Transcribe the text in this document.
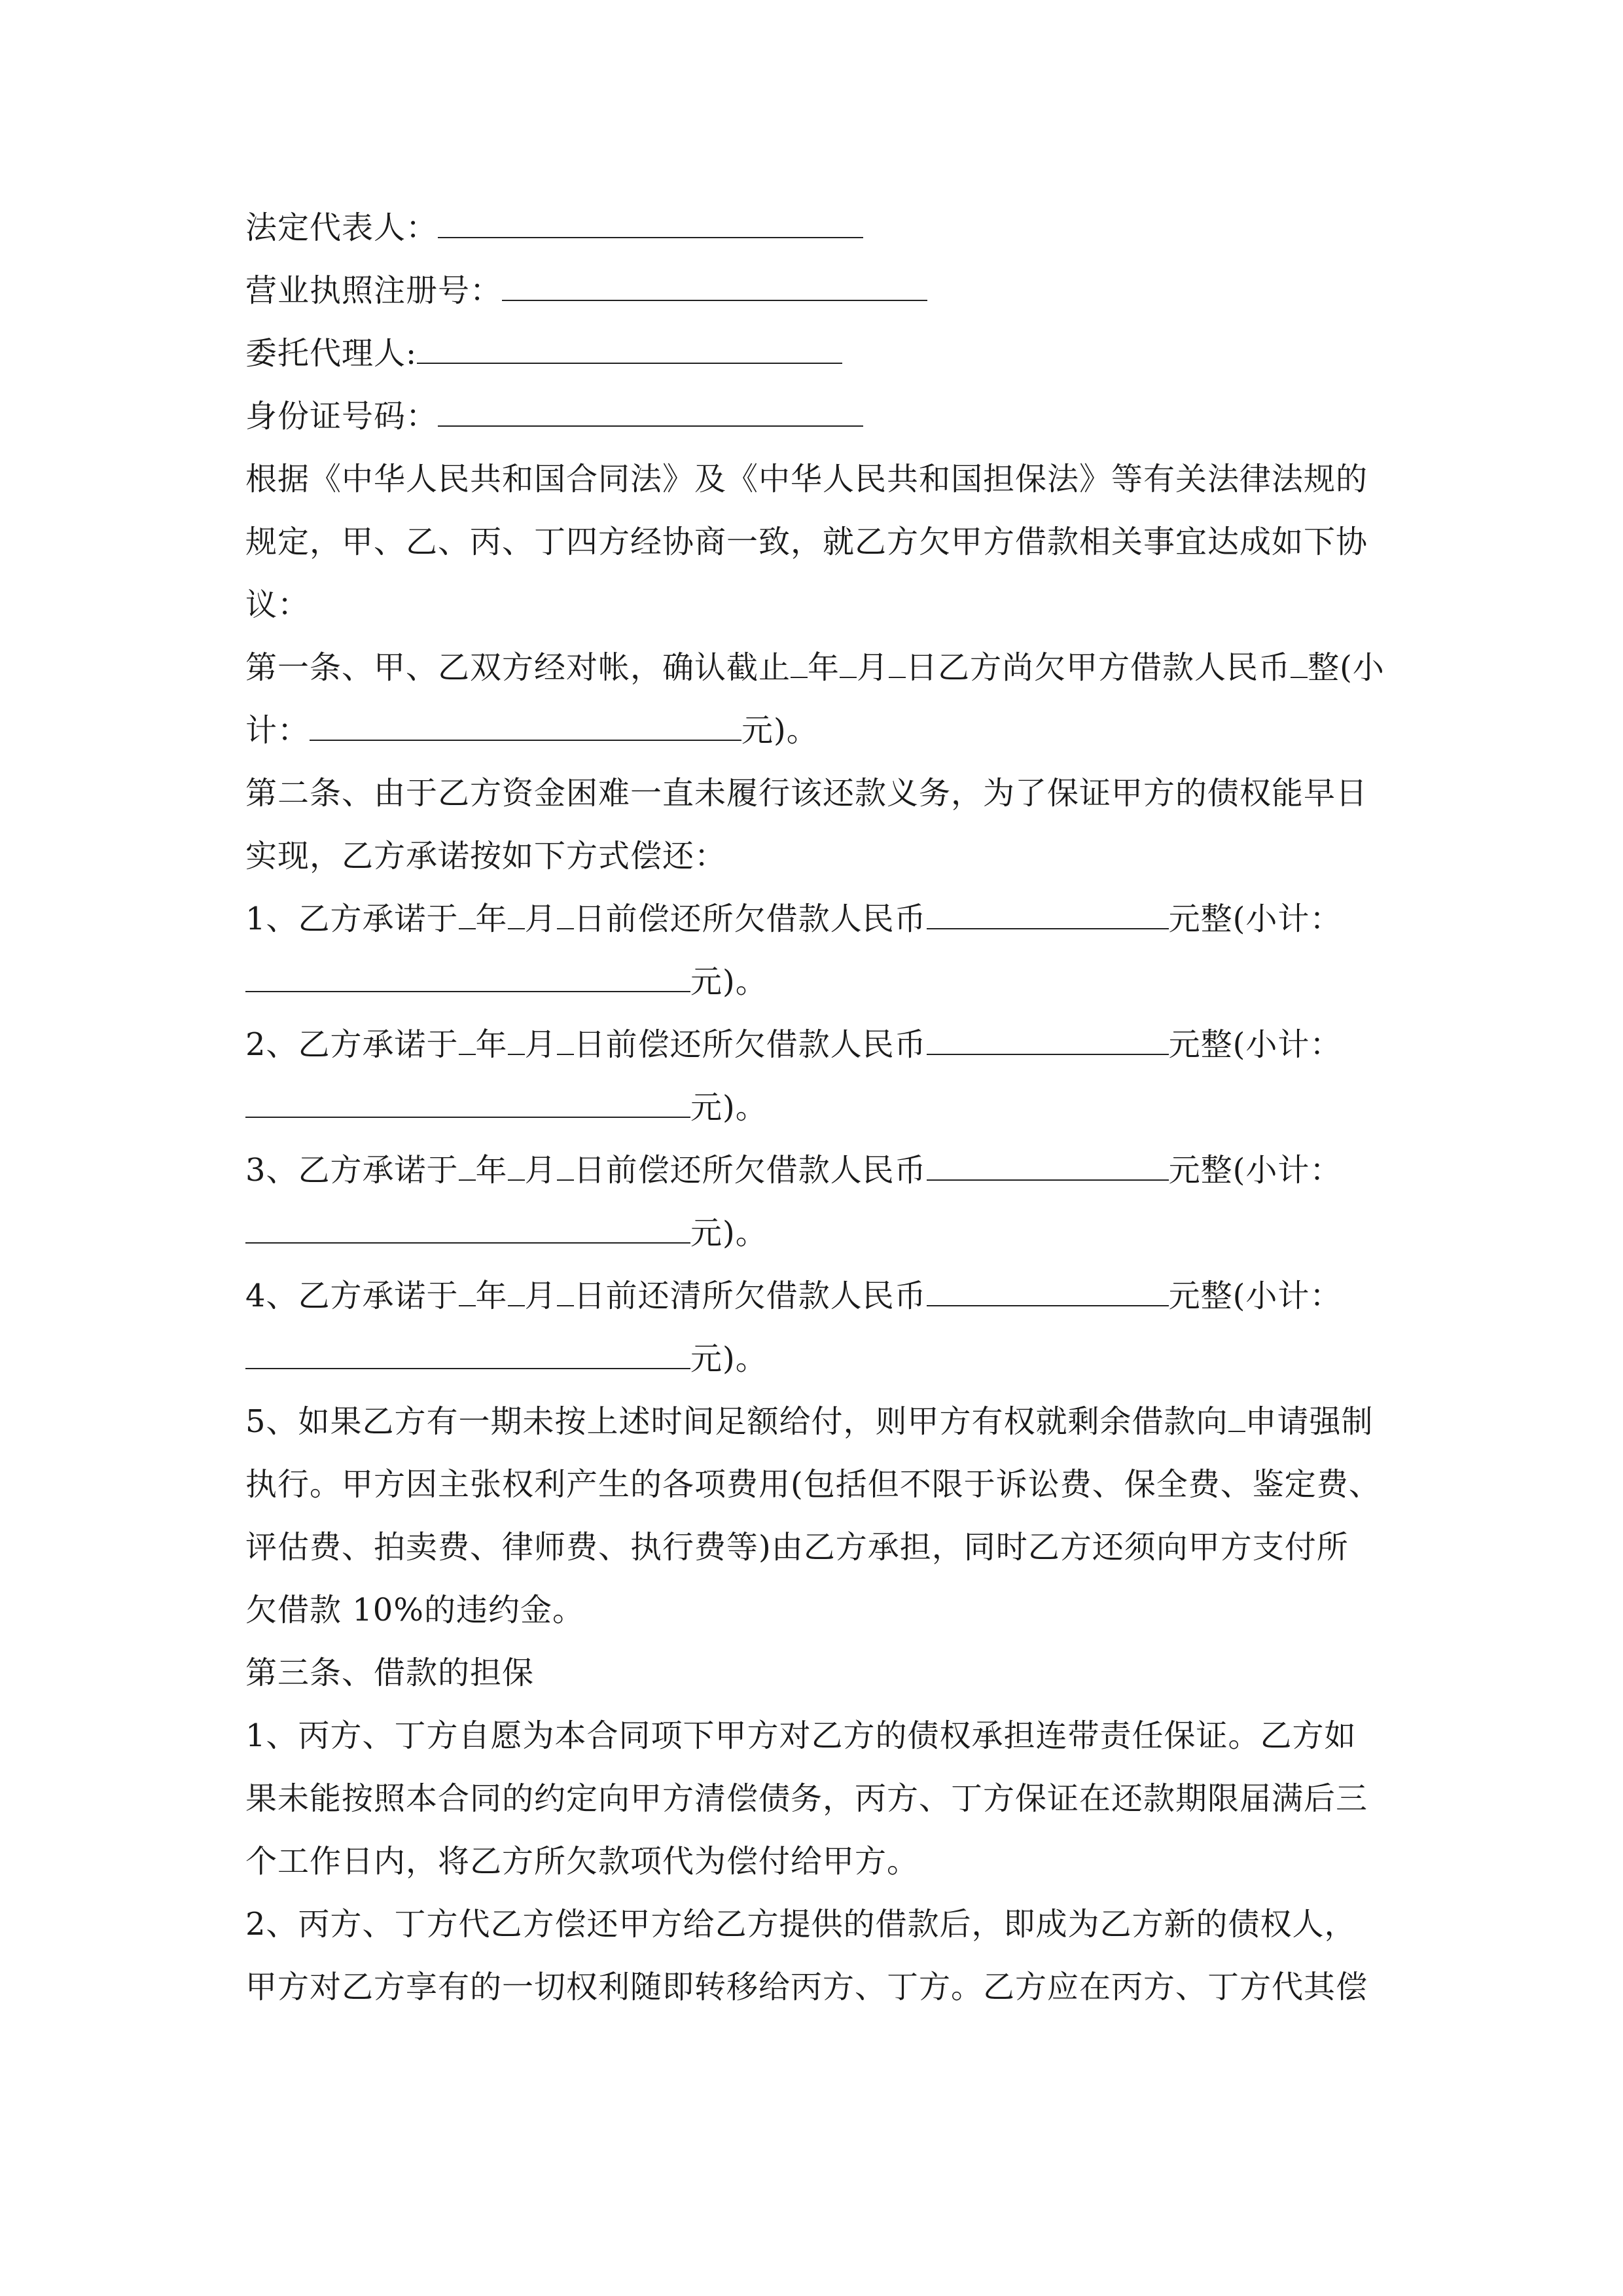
法定代表人：
营业执照注册号：
委托代理人:
身份证号码：
根据《中华人民共和国合同法》及《中华人民共和国担保法》等有关法律法规的
规定，甲、乙、丙、丁四方经协商一致，就乙方欠甲方借款相关事宜达成如下协
议：
第一条、甲、乙双方经对帐，确认截止 年 月 日乙方尚欠甲方借款人民币 整(小
计：	元)。
第二条、由于乙方资金困难一直未履行该还款义务，为了保证甲方的债权能早日
实现，乙方承诺按如下方式偿还：
1、乙方承诺于 年 月 日前偿还所欠借款人民币	元整(小计：
元)。
2、乙方承诺于 年 月 日前偿还所欠借款人民币	元整(小计：
元)。
3、乙方承诺于 年 月 日前偿还所欠借款人民币	元整(小计：
元)。
4、乙方承诺于 年 月 日前还清所欠借款人民币	元整(小计：
元)。
5、如果乙方有一期未按上述时间足额给付，则甲方有权就剩余借款向 申请强制
执行。甲方因主张权利产生的各项费用(包括但不限于诉讼费、保全费、鉴定费、
评估费、拍卖费、律师费、执行费等)由乙方承担，同时乙方还须向甲方支付所
欠借款 10%的违约金。
第三条、借款的担保
1、丙方、丁方自愿为本合同项下甲方对乙方的债权承担连带责任保证。乙方如
果未能按照本合同的约定向甲方清偿债务，丙方、丁方保证在还款期限届满后三
个工作日内，将乙方所欠款项代为偿付给甲方。
2、丙方、丁方代乙方偿还甲方给乙方提供的借款后，即成为乙方新的债权人，
甲方对乙方享有的一切权利随即转移给丙方、丁方。乙方应在丙方、丁方代其偿
